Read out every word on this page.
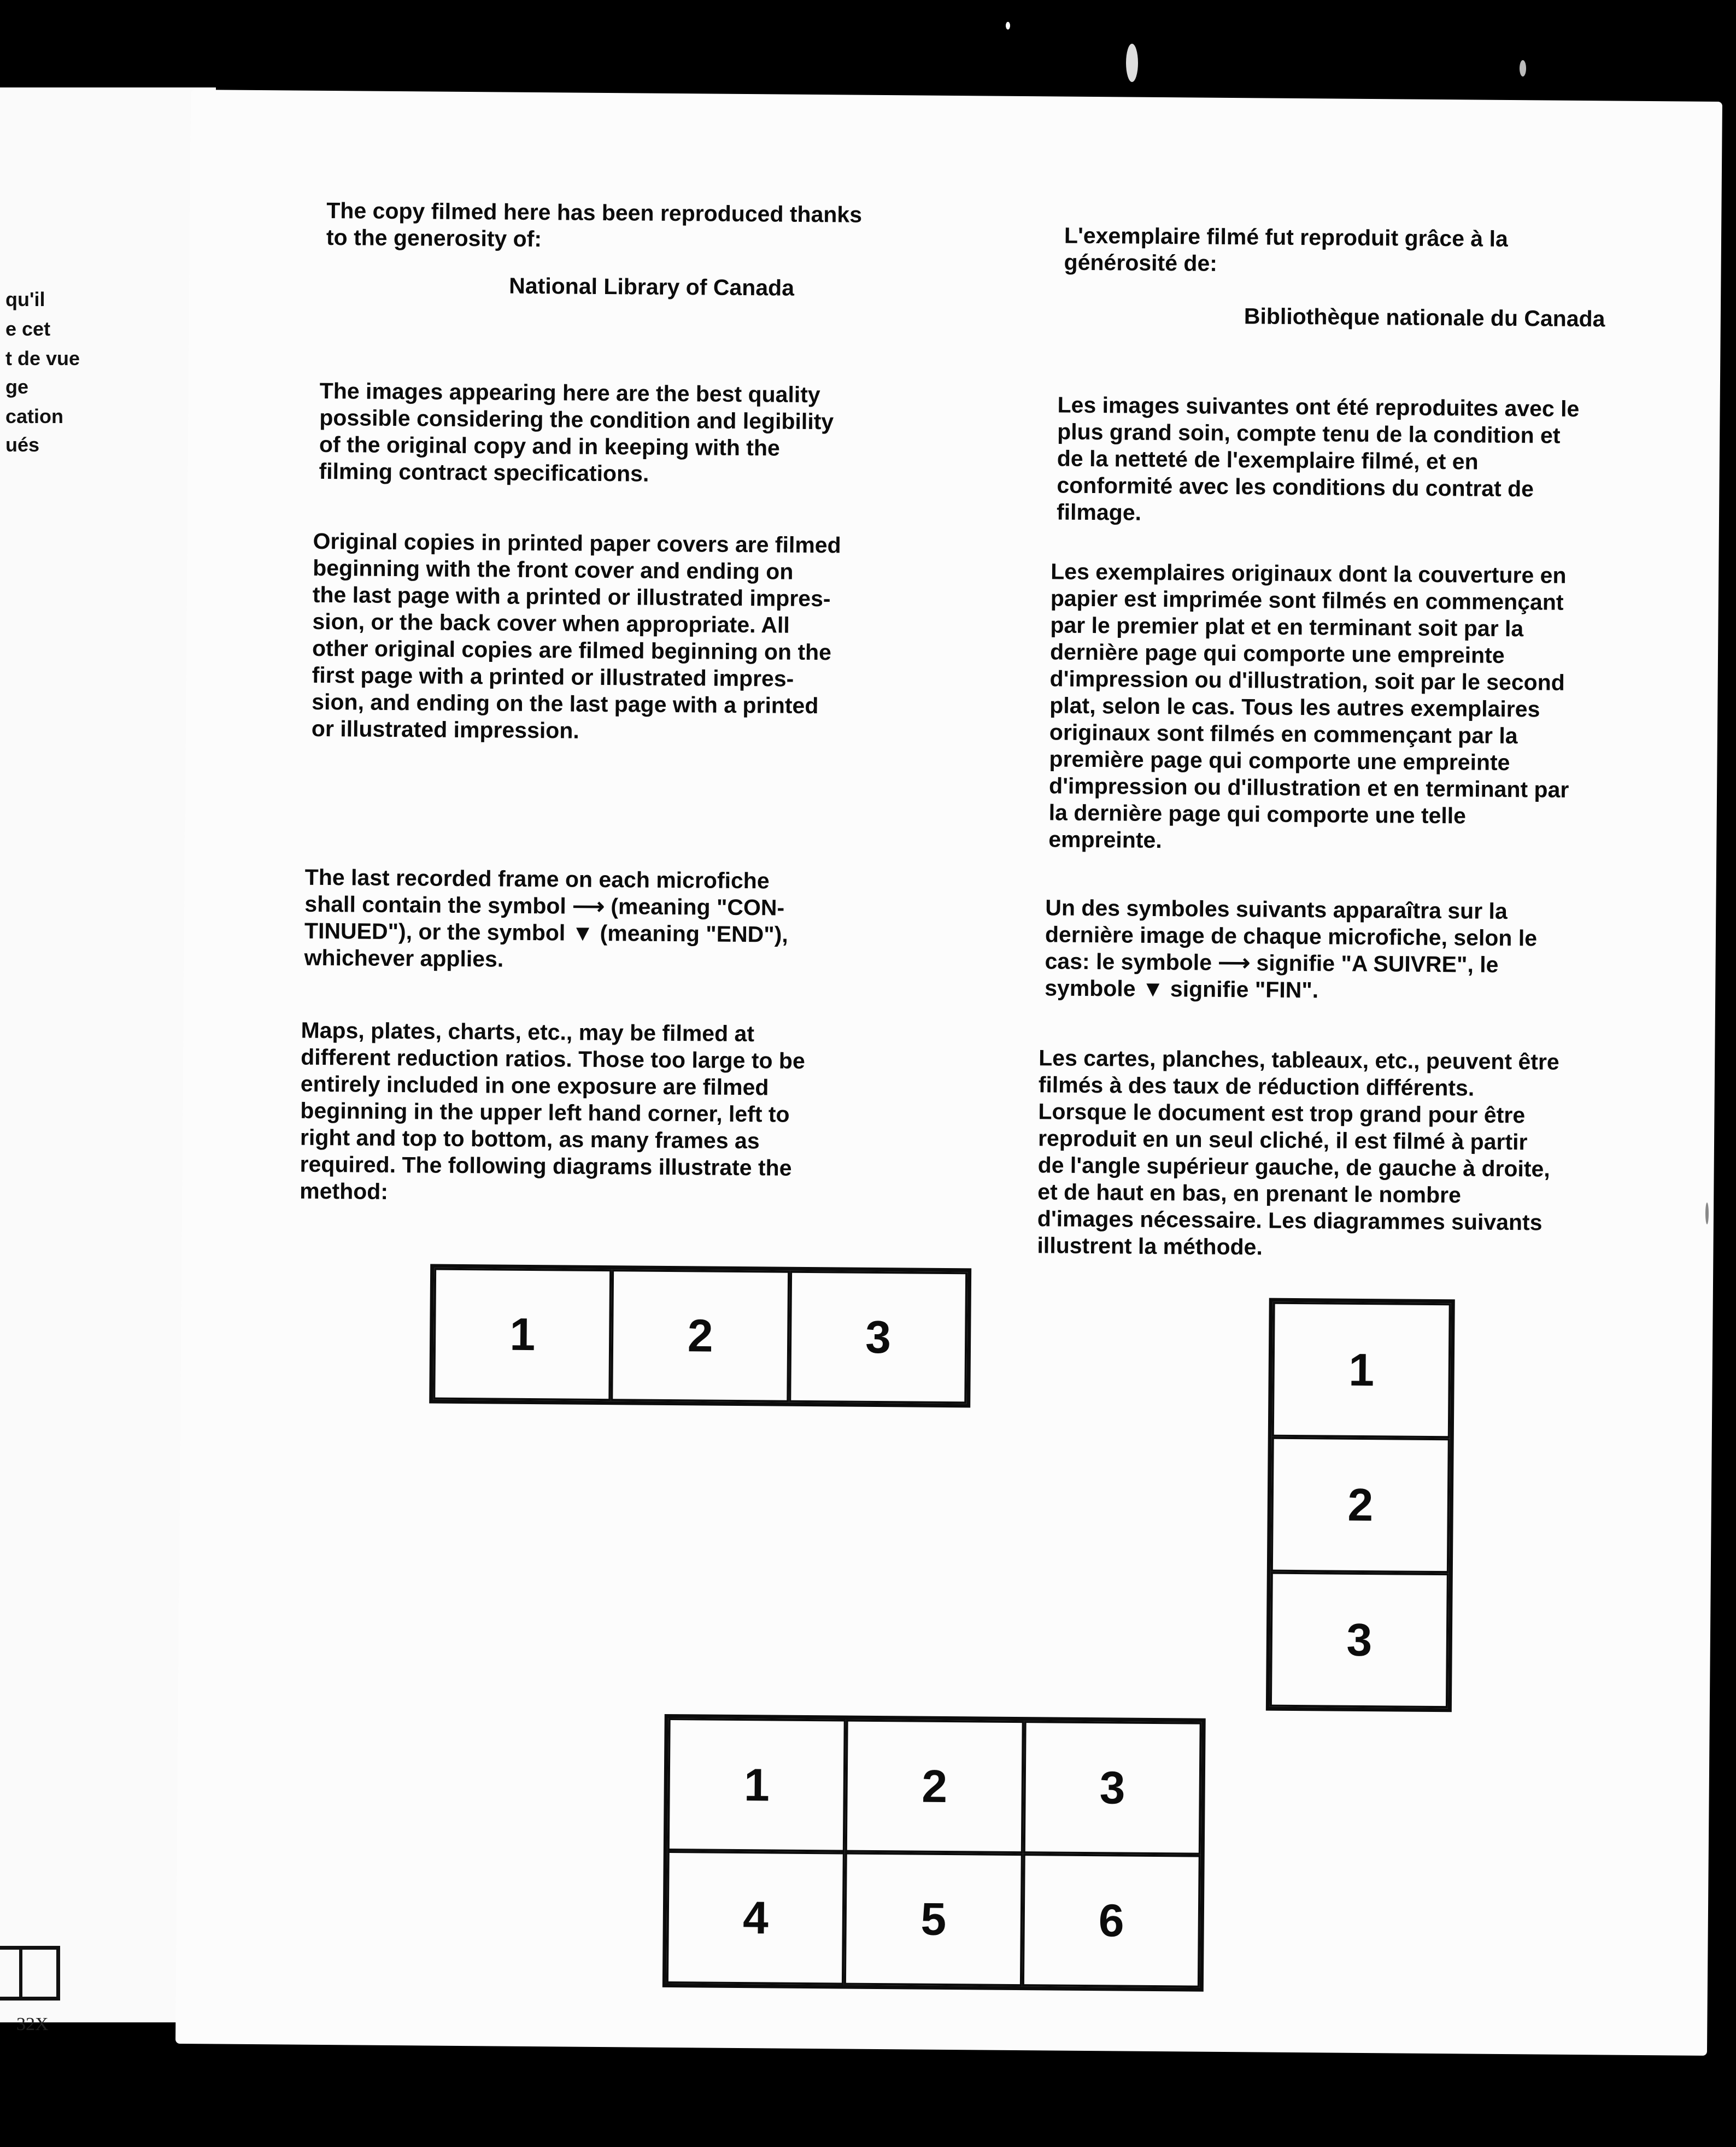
qu'il
e cet
t de vue
ge
cation
ués
32X

The copy filmed here has been reproduced thanks
to the generosity of:

National Library of Canada

The images appearing here are the best quality
possible considering the condition and legibility
of the original copy and in keeping with the
filming contract specifications.

Original copies in printed paper covers are filmed
beginning with the front cover and ending on
the last page with a printed or illustrated impres-
sion, or the back cover when appropriate. All
other original copies are filmed beginning on the
first page with a printed or illustrated impres-
sion, and ending on the last page with a printed
or illustrated impression.

The last recorded frame on each microfiche
shall contain the symbol ⟶ (meaning "CON-
TINUED"), or the symbol ▼ (meaning "END"),
whichever applies.

Maps, plates, charts, etc., may be filmed at
different reduction ratios. Those too large to be
entirely included in one exposure are filmed
beginning in the upper left hand corner, left to
right and top to bottom, as many frames as
required. The following diagrams illustrate the
method:

L'exemplaire filmé fut reproduit grâce à la
générosité de:

Bibliothèque nationale du Canada

Les images suivantes ont été reproduites avec le
plus grand soin, compte tenu de la condition et
de la netteté de l'exemplaire filmé, et en
conformité avec les conditions du contrat de
filmage.

Les exemplaires originaux dont la couverture en
papier est imprimée sont filmés en commençant
par le premier plat et en terminant soit par la
dernière page qui comporte une empreinte
d'impression ou d'illustration, soit par le second
plat, selon le cas. Tous les autres exemplaires
originaux sont filmés en commençant par la
première page qui comporte une empreinte
d'impression ou d'illustration et en terminant par
la dernière page qui comporte une telle
empreinte.

Un des symboles suivants apparaîtra sur la
dernière image de chaque microfiche, selon le
cas: le symbole ⟶ signifie "A SUIVRE", le
symbole ▼ signifie "FIN".

Les cartes, planches, tableaux, etc., peuvent être
filmés à des taux de réduction différents.
Lorsque le document est trop grand pour être
reproduit en un seul cliché, il est filmé à partir
de l'angle supérieur gauche, de gauche à droite,
et de haut en bas, en prenant le nombre
d'images nécessaire. Les diagrammes suivants
illustrent la méthode.

1	2	3
1
2
3
1	2	3
4	5	6
